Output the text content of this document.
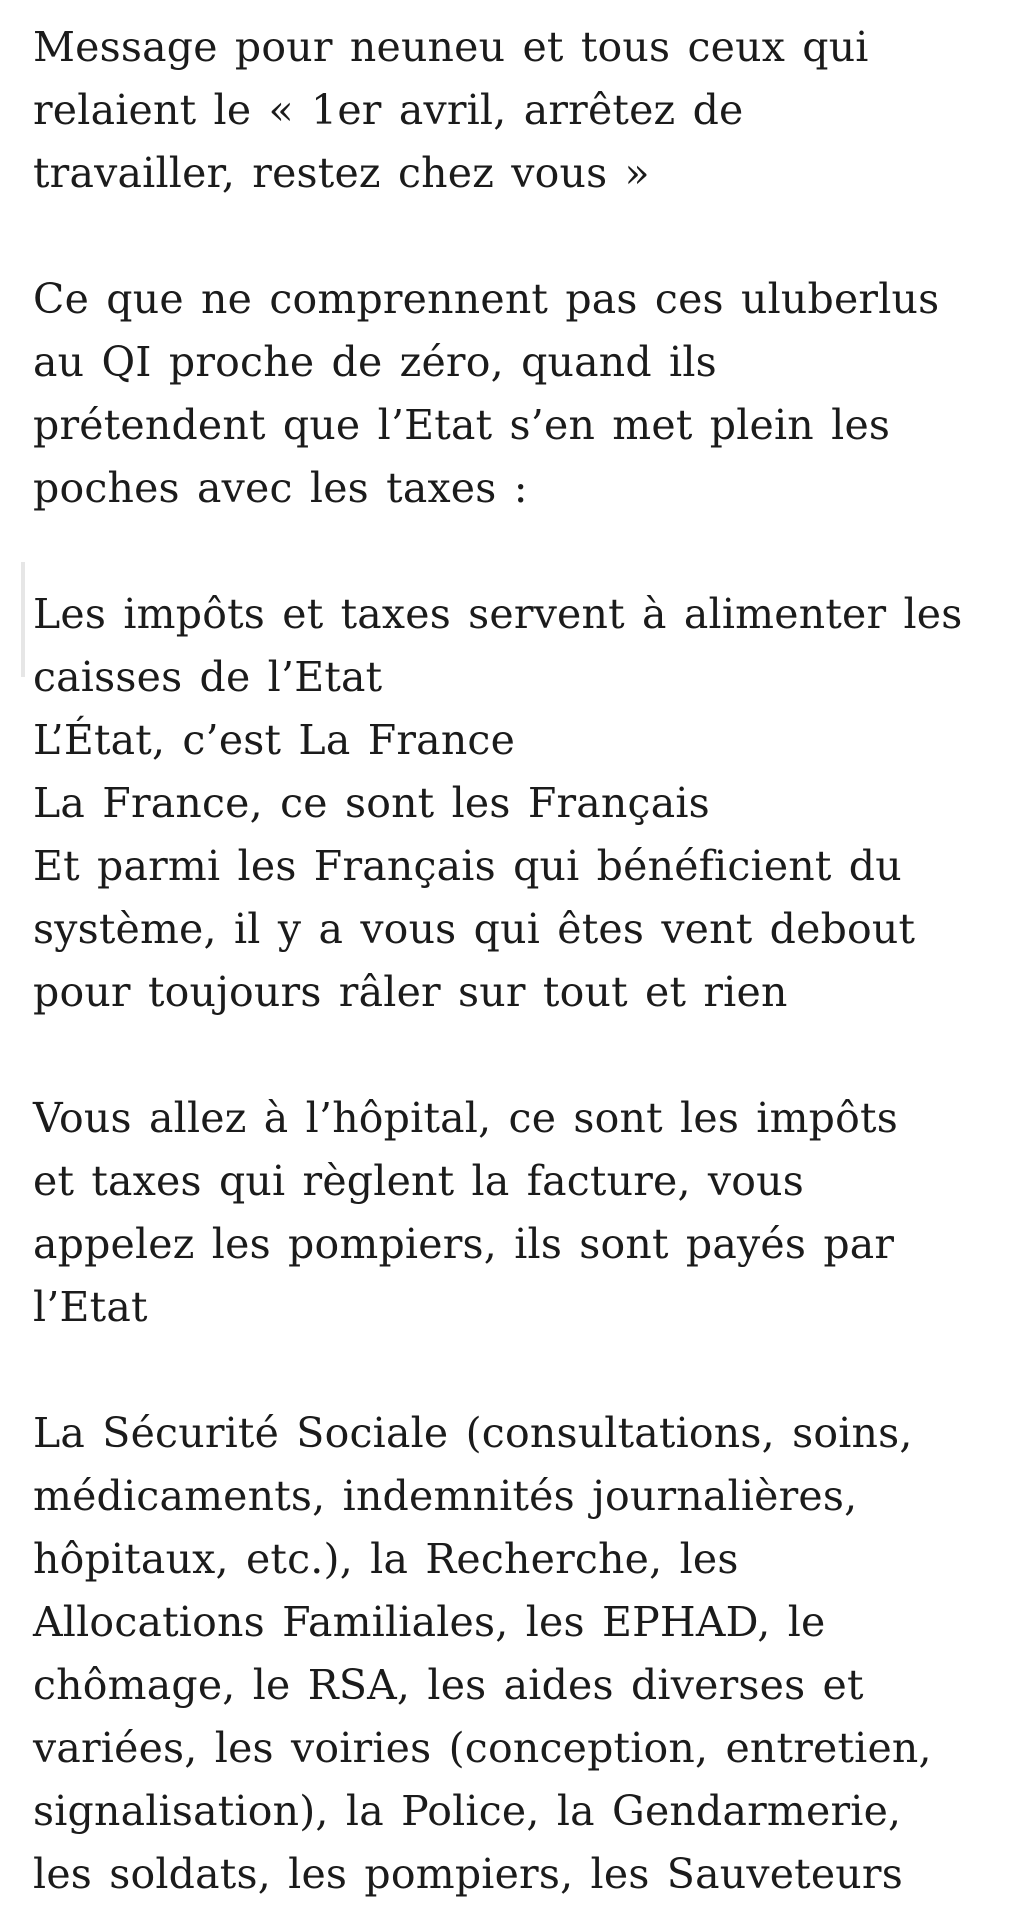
Message pour neuneu et tous ceux qui
relaient le « 1er avril, arrêtez de
travailler, restez chez vous »
Ce que ne comprennent pas ces uluberlus
au QI proche de zéro, quand ils
prétendent que l’Etat s’en met plein les
poches avec les taxes :
Les impôts et taxes servent à alimenter les
caisses de l’Etat
L’État, c’est La France
La France, ce sont les Français
Et parmi les Français qui bénéficient du
système, il y a vous qui êtes vent debout
pour toujours râler sur tout et rien
Vous allez à l’hôpital, ce sont les impôts
et taxes qui règlent la facture, vous
appelez les pompiers, ils sont payés par
l’Etat
La Sécurité Sociale (consultations, soins,
médicaments, indemnités journalières,
hôpitaux, etc.), la Recherche, les
Allocations Familiales, les EPHAD, le
chômage, le RSA, les aides diverses et
variées, les voiries (conception, entretien,
signalisation), la Police, la Gendarmerie,
les soldats, les pompiers, les Sauveteurs
